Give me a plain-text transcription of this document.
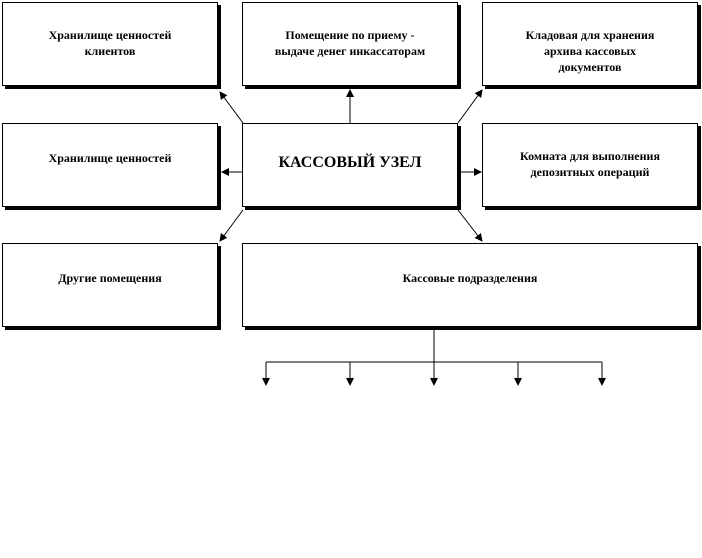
Хранилище ценностей
клиентов
Помещение по приему -
выдаче денег инкассаторам
Кладовая для хранения
архива кассовых
документов
Хранилище ценностей	КАССОВЫЙ УЗЕЛ	Комната для выполнения
депозитных операций
Другие помещения	Кассовые подразделения
